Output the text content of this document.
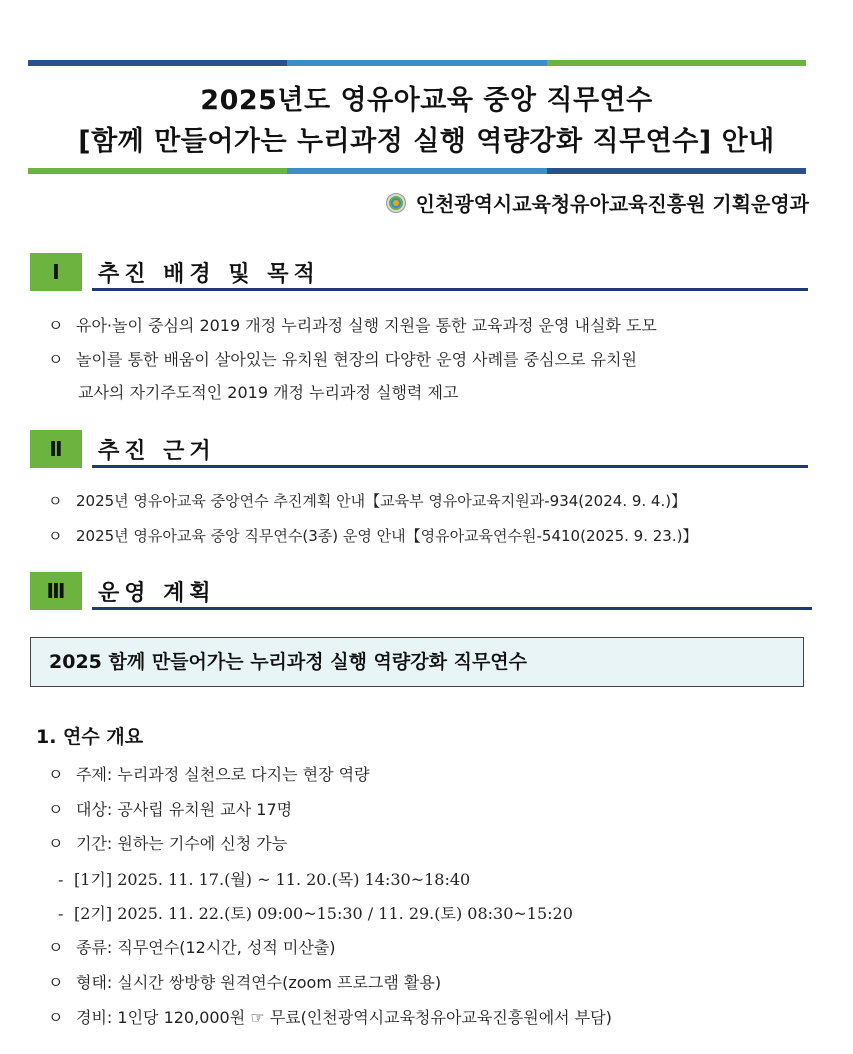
2025년도 영유아교육 중앙 직무연수
[함께 만들어가는 누리과정 실행 역량강화 직무연수] 안내
인천광역시교육청유아교육진흥원 기획운영과
Ⅰ	추진 배경 및 목적
ㅇ 유아·놀이 중심의 2019 개정 누리과정 실행 지원을 통한 교육과정 운영 내실화 도모
ㅇ 놀이를 통한 배움이 살아있는 유치원 현장의 다양한 운영 사례를 중심으로 유치원
교사의 자기주도적인 2019 개정 누리과정 실행력 제고
Ⅱ	추진 근거
ㅇ 2025년 영유아교육 중앙연수 추진계획 안내【교육부 영유아교육지원과-934(2024. 9. 4.)】
ㅇ 2025년 영유아교육 중앙 직무연수(3종) 운영 안내【영유아교육연수원-5410(2025. 9. 23.)】
Ⅲ	운영 계획
2025 함께 만들어가는 누리과정 실행 역량강화 직무연수
1. 연수 개요
ㅇ 주제: 누리과정 실천으로 다지는 현장 역량
ㅇ 대상: 공사립 유치원 교사 17명
ㅇ 기간: 원하는 기수에 신청 가능
- [1기] 2025. 11. 17.(월) ~ 11. 20.(목) 14:30~18:40
- [2기] 2025. 11. 22.(토) 09:00~15:30 / 11. 29.(토) 08:30~15:20
ㅇ 종류: 직무연수(12시간, 성적 미산출)
ㅇ 형태: 실시간 쌍방향 원격연수(zoom 프로그램 활용)
ㅇ 경비: 1인당 120,000원 ☞ 무료(인천광역시교육청유아교육진흥원에서 부담)
